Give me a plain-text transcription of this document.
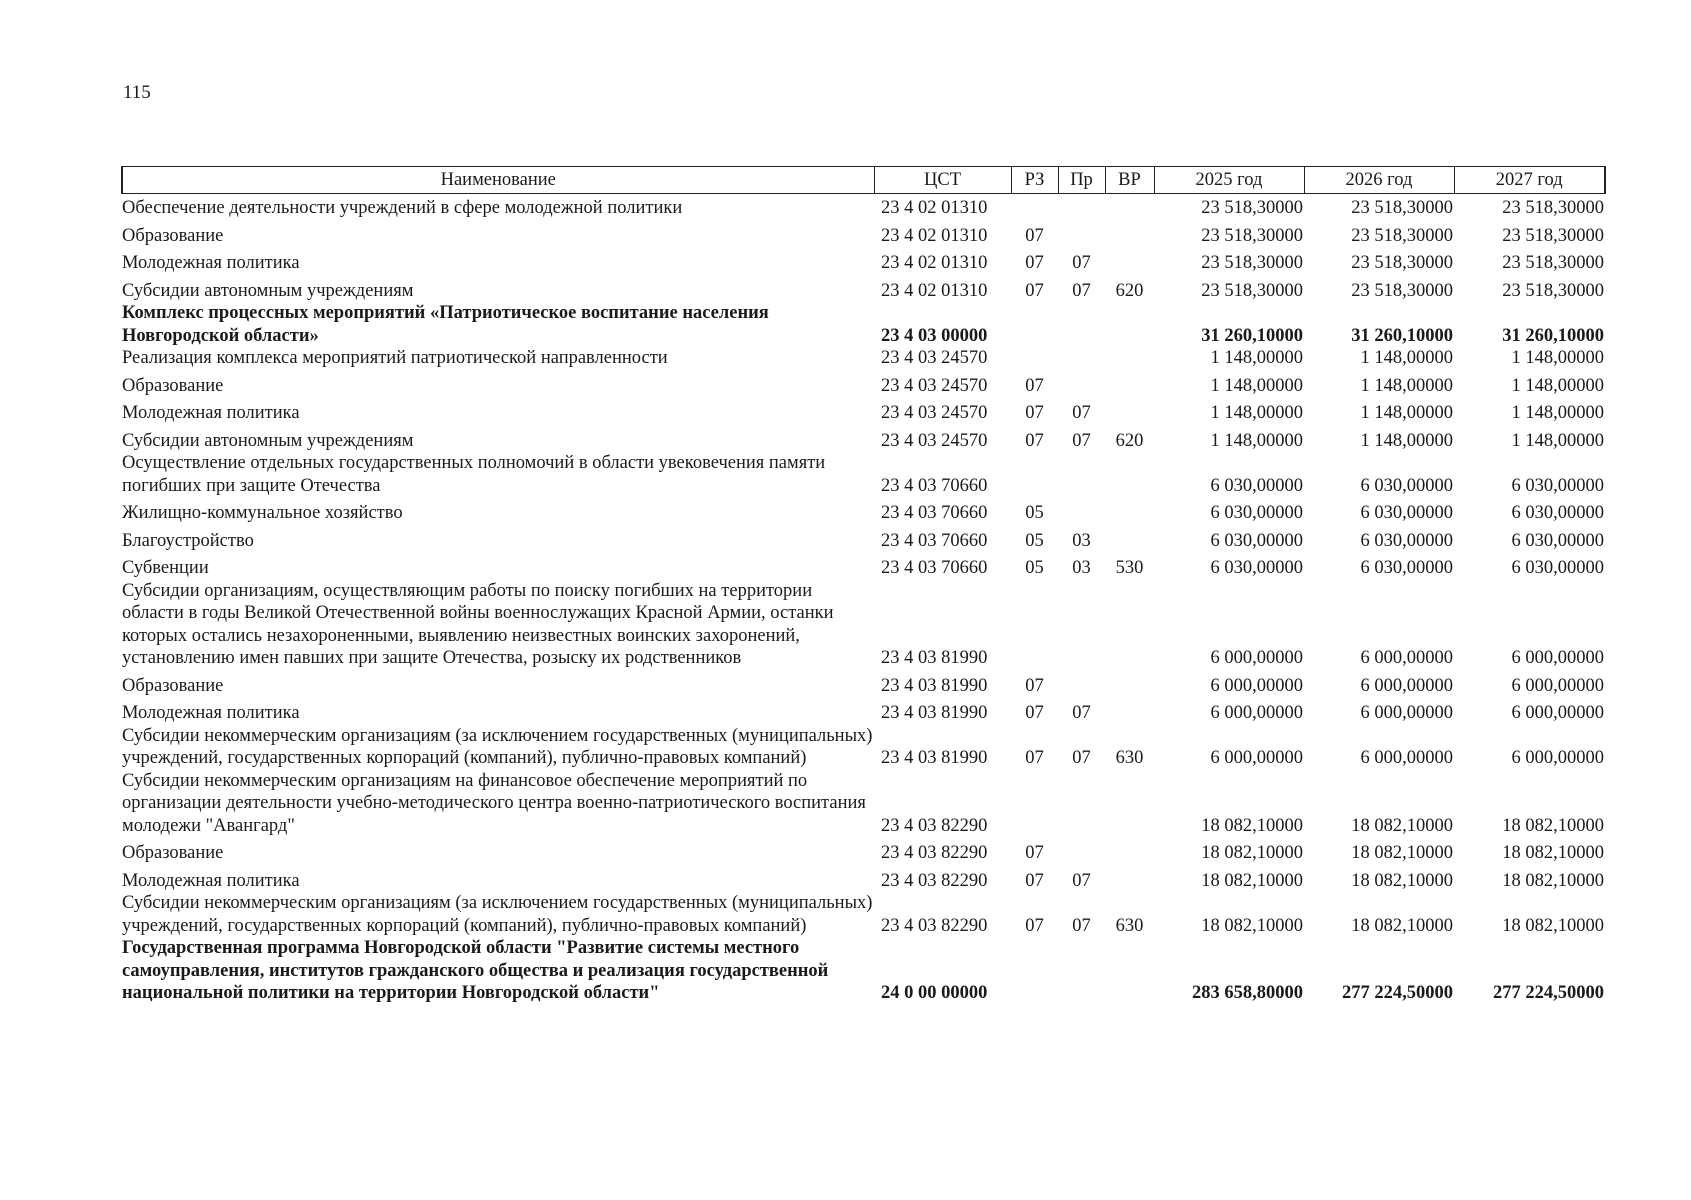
115
Наименование	ЦСТ	РЗ	Пр	ВР	2025 год	2026 год	2027 год
Обеспечение деятельности учреждений в сфере молодежной политики	23 4 02 01310				23 518,30000	23 518,30000	23 518,30000
Образование	23 4 02 01310	07			23 518,30000	23 518,30000	23 518,30000
Молодежная политика	23 4 02 01310	07	07		23 518,30000	23 518,30000	23 518,30000
Субсидии автономным учреждениям	23 4 02 01310	07	07	620	23 518,30000	23 518,30000	23 518,30000
Комплекс процессных мероприятий «Патриотическое воспитание населения Новгородской области»	23 4 03 00000				31 260,10000	31 260,10000	31 260,10000
Реализация комплекса мероприятий патриотической направленности	23 4 03 24570				1 148,00000	1 148,00000	1 148,00000
Образование	23 4 03 24570	07			1 148,00000	1 148,00000	1 148,00000
Молодежная политика	23 4 03 24570	07	07		1 148,00000	1 148,00000	1 148,00000
Субсидии автономным учреждениям	23 4 03 24570	07	07	620	1 148,00000	1 148,00000	1 148,00000
Осуществление отдельных государственных полномочий в области увековечения памяти погибших при защите Отечества	23 4 03 70660				6 030,00000	6 030,00000	6 030,00000
Жилищно-коммунальное хозяйство	23 4 03 70660	05			6 030,00000	6 030,00000	6 030,00000
Благоустройство	23 4 03 70660	05	03		6 030,00000	6 030,00000	6 030,00000
Субвенции	23 4 03 70660	05	03	530	6 030,00000	6 030,00000	6 030,00000
Субсидии организациям, осуществляющим работы по поиску погибших на территории области в годы Великой Отечественной войны военнослужащих Красной Армии, останки которых остались незахороненными, выявлению неизвестных воинских захоронений, установлению имен павших при защите Отечества, розыску их родственников	23 4 03 81990				6 000,00000	6 000,00000	6 000,00000
Образование	23 4 03 81990	07			6 000,00000	6 000,00000	6 000,00000
Молодежная политика	23 4 03 81990	07	07		6 000,00000	6 000,00000	6 000,00000
Субсидии некоммерческим организациям (за исключением государственных (муниципальных) учреждений, государственных корпораций (компаний), публично-правовых компаний)	23 4 03 81990	07	07	630	6 000,00000	6 000,00000	6 000,00000
Субсидии некоммерческим организациям на финансовое обеспечение мероприятий по организации деятельности учебно-методического центра военно-патриотического воспитания молодежи "Авангард"	23 4 03 82290				18 082,10000	18 082,10000	18 082,10000
Образование	23 4 03 82290	07			18 082,10000	18 082,10000	18 082,10000
Молодежная политика	23 4 03 82290	07	07		18 082,10000	18 082,10000	18 082,10000
Субсидии некоммерческим организациям (за исключением государственных (муниципальных) учреждений, государственных корпораций (компаний), публично-правовых компаний)	23 4 03 82290	07	07	630	18 082,10000	18 082,10000	18 082,10000
Государственная программа Новгородской области "Развитие системы местного самоуправления, институтов гражданского общества и реализация государственной национальной политики на территории Новгородской области"	24 0 00 00000				283 658,80000	277 224,50000	277 224,50000
